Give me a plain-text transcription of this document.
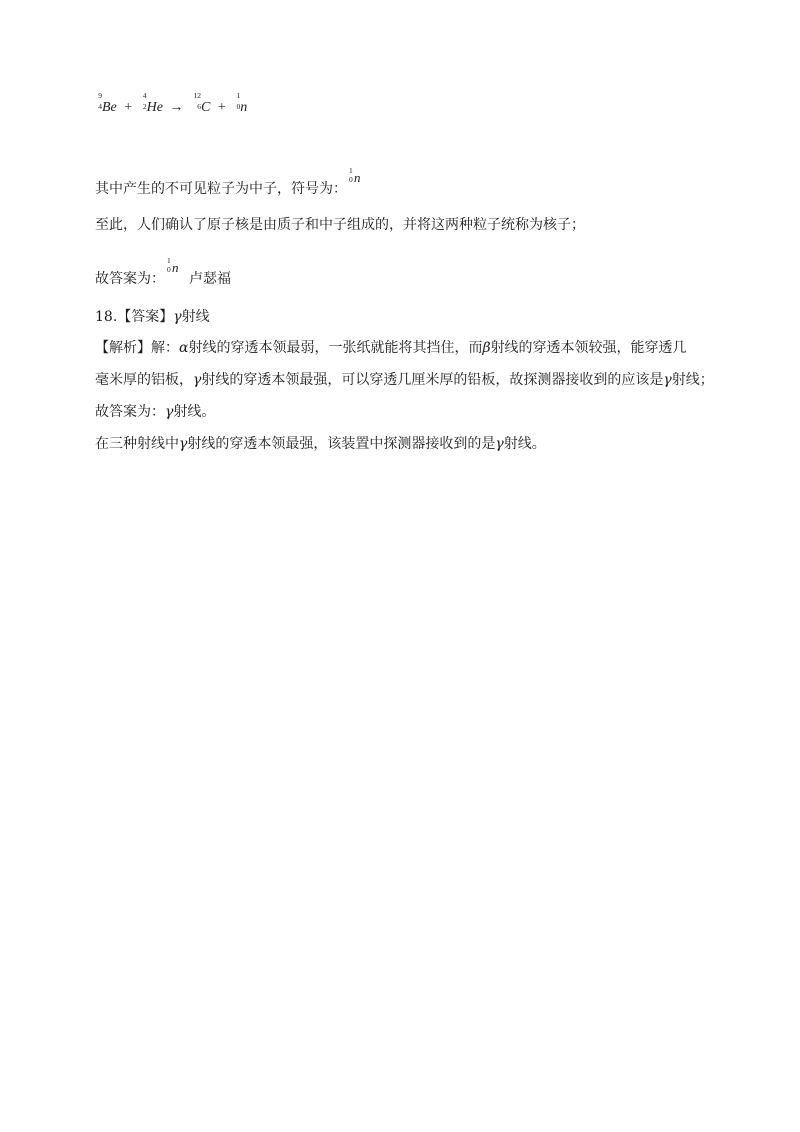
9
4 Be +
4
2 He →
12
6 C +
1
0 n
其中产生的不可见粒子为中子，符号为：
1
0 n
至此，人们确认了原子核是由质子和中子组成的，并将这两种粒子统称为核子；
故答案为：
1
0 n
卢瑟福
18.【答案】γ射线
【解析】解：α射线的穿透本领最弱，一张纸就能将其挡住，而β射线的穿透本领较强，能穿透几
毫米厚的铝板，γ射线的穿透本领最强，可以穿透几厘米厚的铅板，故探测器接收到的应该是γ射线；
故答案为：γ射线。
在三种射线中γ射线的穿透本领最强，该装置中探测器接收到的是γ射线。
